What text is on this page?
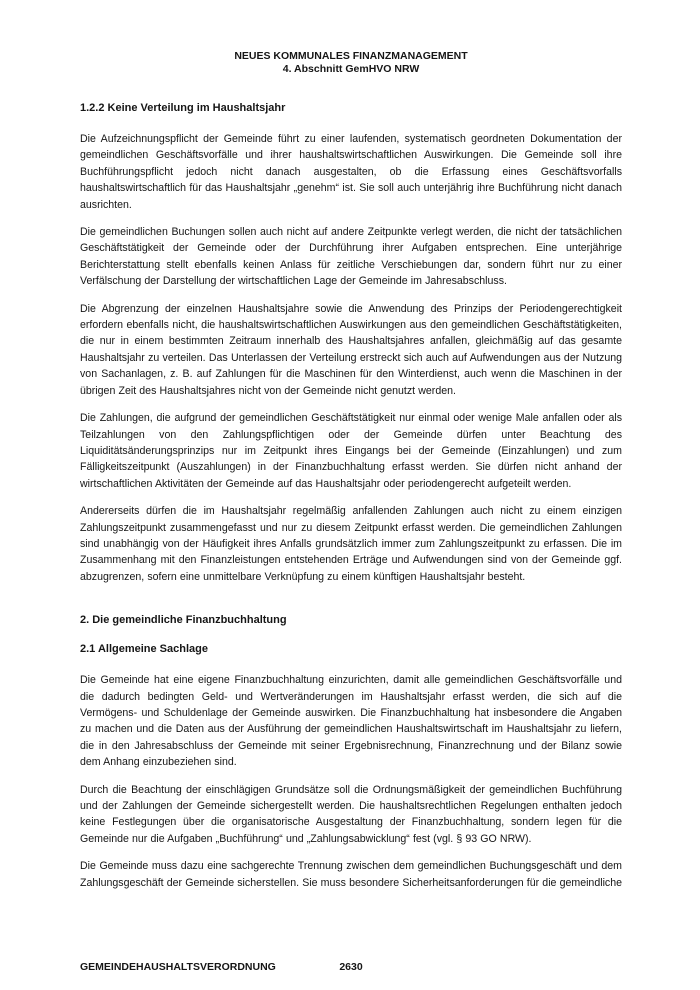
NEUES KOMMUNALES FINANZMANAGEMENT
4. Abschnitt GemHVO NRW
1.2.2 Keine Verteilung im Haushaltsjahr

Die Aufzeichnungspflicht der Gemeinde führt zu einer laufenden, systematisch geordneten Dokumentation der gemeindlichen Geschäftsvorfälle und ihrer haushaltswirtschaftlichen Auswirkungen. Die Gemeinde soll ihre Buchführungspflicht jedoch nicht danach ausgestalten, ob die Erfassung eines Geschäftsvorfalls haushaltswirtschaftlich für das Haushaltsjahr „genehm“ ist. Sie soll auch unterjährig ihre Buchführung nicht danach ausrichten.

Die gemeindlichen Buchungen sollen auch nicht auf andere Zeitpunkte verlegt werden, die nicht der tatsächlichen Geschäftstätigkeit der Gemeinde oder der Durchführung ihrer Aufgaben entsprechen. Eine unterjährige Berichterstattung stellt ebenfalls keinen Anlass für zeitliche Verschiebungen dar, sondern führt nur zu einer Verfälschung der Darstellung der wirtschaftlichen Lage der Gemeinde im Jahresabschluss.

Die Abgrenzung der einzelnen Haushaltsjahre sowie die Anwendung des Prinzips der Periodengerechtigkeit erfordern ebenfalls nicht, die haushaltswirtschaftlichen Auswirkungen aus den gemeindlichen Geschäftstätigkeiten, die nur in einem bestimmten Zeitraum innerhalb des Haushaltsjahres anfallen, gleichmäßig auf das gesamte Haushaltsjahr zu verteilen. Das Unterlassen der Verteilung erstreckt sich auch auf Aufwendungen aus der Nutzung von Sachanlagen, z. B. auf Zahlungen für die Maschinen für den Winterdienst, auch wenn die Maschinen in der übrigen Zeit des Haushaltsjahres nicht von der Gemeinde nicht genutzt werden.

Die Zahlungen, die aufgrund der gemeindlichen Geschäftstätigkeit nur einmal oder wenige Male anfallen oder als Teilzahlungen von den Zahlungspflichtigen oder der Gemeinde dürfen unter Beachtung des Liquiditätsänderungsprinzips nur im Zeitpunkt ihres Eingangs bei der Gemeinde (Einzahlungen) und zum Fälligkeitszeitpunkt (Auszahlungen) in der Finanzbuchhaltung erfasst werden. Sie dürfen nicht anhand der wirtschaftlichen Aktivitäten der Gemeinde auf das Haushaltsjahr oder periodengerecht aufgeteilt werden.

Andererseits dürfen die im Haushaltsjahr regelmäßig anfallenden Zahlungen auch nicht zu einem einzigen Zahlungszeitpunkt zusammengefasst und nur zu diesem Zeitpunkt erfasst werden. Die gemeindlichen Zahlungen sind unabhängig von der Häufigkeit ihres Anfalls grundsätzlich immer zum Zahlungszeitpunkt zu erfassen. Die im Zusammenhang mit den Finanzleistungen entstehenden Erträge und Aufwendungen sind von der Gemeinde ggf. abzugrenzen, sofern eine unmittelbare Verknüpfung zu einem künftigen Haushaltsjahr besteht.

2. Die gemeindliche Finanzbuchhaltung
2.1 Allgemeine Sachlage

Die Gemeinde hat eine eigene Finanzbuchhaltung einzurichten, damit alle gemeindlichen Geschäftsvorfälle und die dadurch bedingten Geld- und Wertveränderungen im Haushaltsjahr erfasst werden, die sich auf die Vermögens- und Schuldenlage der Gemeinde auswirken. Die Finanzbuchhaltung hat insbesondere die Angaben zu machen und die Daten aus der Ausführung der gemeindlichen Haushaltswirtschaft im Haushaltsjahr zu liefern, die in den Jahresabschluss der Gemeinde mit seiner Ergebnisrechnung, Finanzrechnung und der Bilanz sowie dem Anhang einzubeziehen sind.

Durch die Beachtung der einschlägigen Grundsätze soll die Ordnungsmäßigkeit der gemeindlichen Buchführung und der Zahlungen der Gemeinde sichergestellt werden. Die haushaltsrechtlichen Regelungen enthalten jedoch keine Festlegungen über die organisatorische Ausgestaltung der Finanzbuchhaltung, sondern legen für die Gemeinde nur die Aufgaben „Buchführung“ und „Zahlungsabwicklung“ fest (vgl. § 93 GO NRW).

Die Gemeinde muss dazu eine sachgerechte Trennung zwischen dem gemeindlichen Buchungsgeschäft und dem Zahlungsgeschäft der Gemeinde sicherstellen. Sie muss besondere Sicherheitsanforderungen für die gemeindliche

GEMEINDEHAUSHALTSVERORDNUNG	2630
